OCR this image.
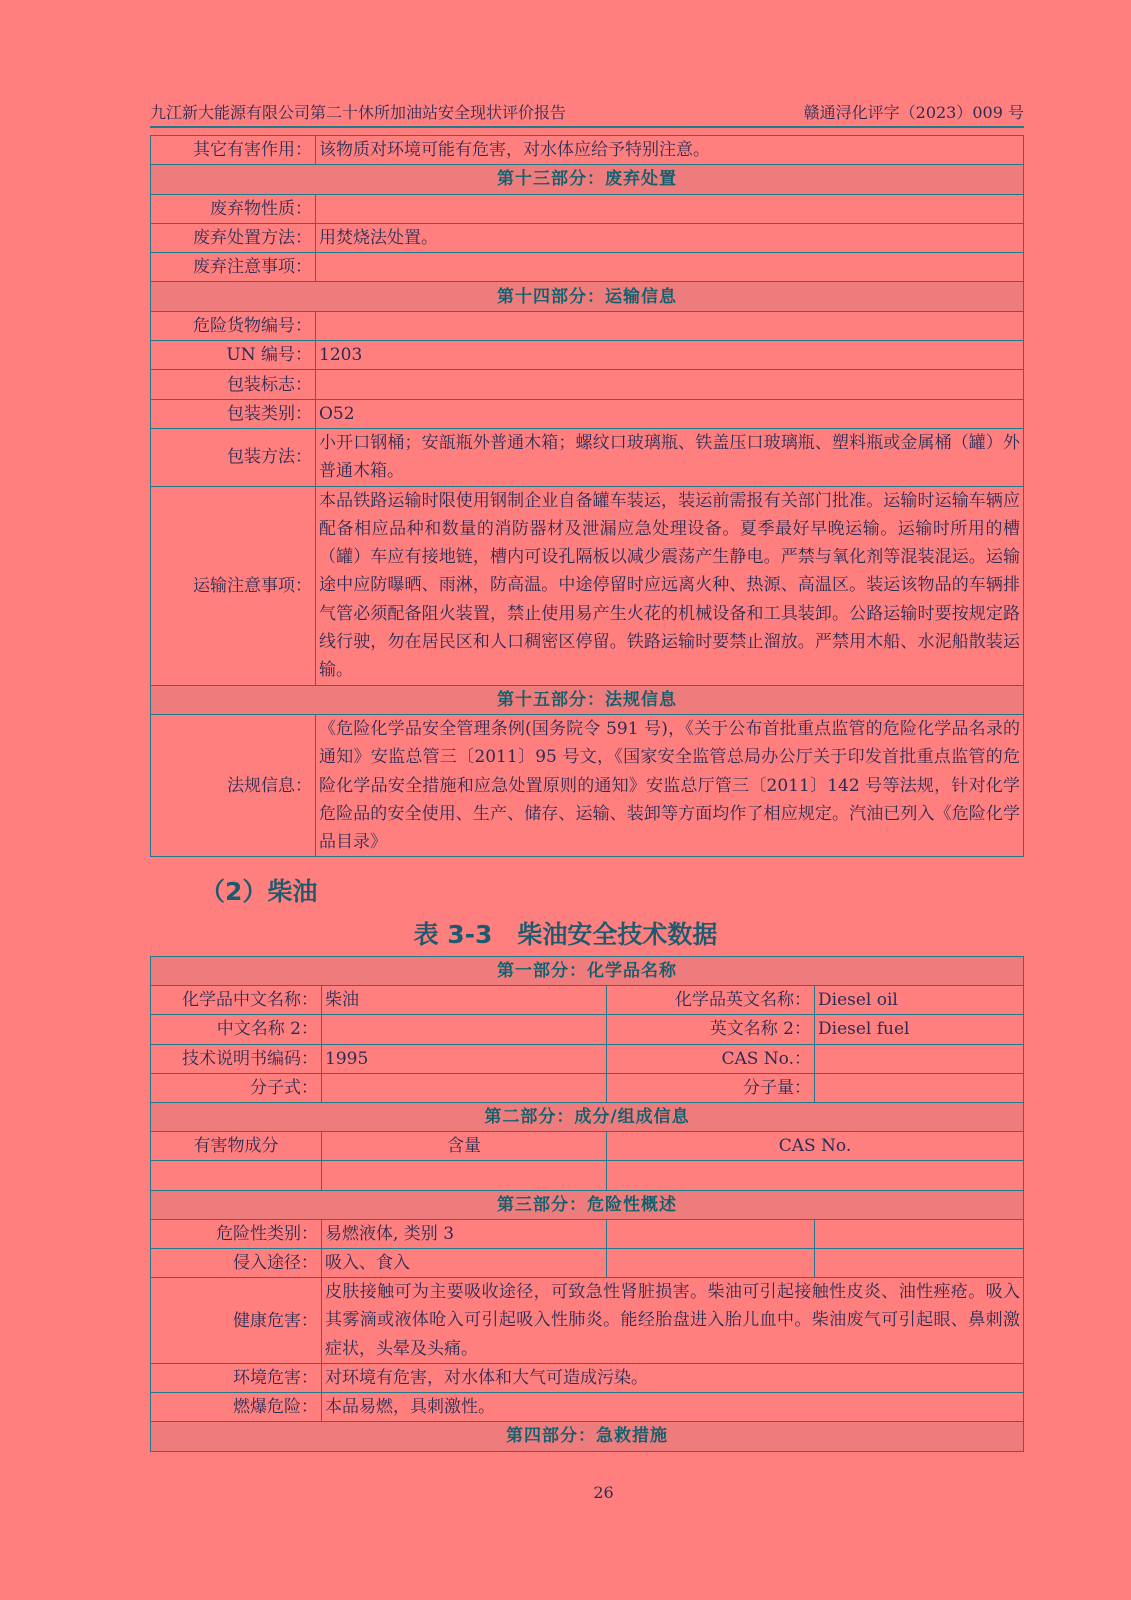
九江新大能源有限公司第二十休所加油站安全现状评价报告	赣通浔化评字（2023）009 号
其它有害作用：	该物质对环境可能有危害，对水体应给予特别注意。
第十三部分：废弃处置	
废弃物性质：	
废弃处置方法：	用焚烧法处置。
废弃注意事项：	
第十四部分：运输信息	
危险货物编号：	
UN 编号：	1203
包装标志：	
包装类别：	O52
包装方法：	小开口钢桶；安瓿瓶外普通木箱；螺纹口玻璃瓶、铁盖压口玻璃瓶、塑料瓶或金属桶（罐）外普通木箱。
运输注意事项：	本品铁路运输时限使用钢制企业自备罐车装运，装运前需报有关部门批准。运输时运输车辆应配备相应品种和数量的消防器材及泄漏应急处理设备。夏季最好早晚运输。运输时所用的槽（罐）车应有接地链，槽内可设孔隔板以减少震荡产生静电。严禁与氧化剂等混装混运。运输途中应防曝晒、雨淋，防高温。中途停留时应远离火种、热源、高温区。装运该物品的车辆排气管必须配备阻火装置，禁止使用易产生火花的机械设备和工具装卸。公路运输时要按规定路线行驶，勿在居民区和人口稠密区停留。铁路运输时要禁止溜放。严禁用木船、水泥船散装运输。
第十五部分：法规信息	
法规信息：	《危险化学品安全管理条例(国务院令 591 号)，《关于公布首批重点监管的危险化学品名录的通知》安监总管三〔2011〕95 号文，《国家安全监管总局办公厅关于印发首批重点监管的危险化学品安全措施和应急处置原则的通知》安监总厅管三〔2011〕142 号等法规，针对化学危险品的安全使用、生产、储存、运输、装卸等方面均作了相应规定。汽油已列入《危险化学品目录》
（2）柴油
表 3-3　柴油安全技术数据
第一部分：化学品名称			
化学品中文名称：	柴油	化学品英文名称：	Diesel oil
中文名称 2：		英文名称 2：	Diesel fuel
技术说明书编码：	1995	CAS No.：	
分子式：		分子量：	
第二部分：成分/组成信息			
有害物成分	含量	CAS No.	

第三部分：危险性概述			
危险性类别：	易燃液体, 类别 3		
侵入途径：	吸入、食入		
健康危害：	皮肤接触可为主要吸收途径，可致急性肾脏损害。柴油可引起接触性皮炎、油性痤疮。吸入其雾滴或液体呛入可引起吸入性肺炎。能经胎盘进入胎儿血中。柴油废气可引起眼、鼻刺激症状，头晕及头痛。		
环境危害：	对环境有危害，对水体和大气可造成污染。		
燃爆危险：	本品易燃，具刺激性。		
第四部分：急救措施			
26
